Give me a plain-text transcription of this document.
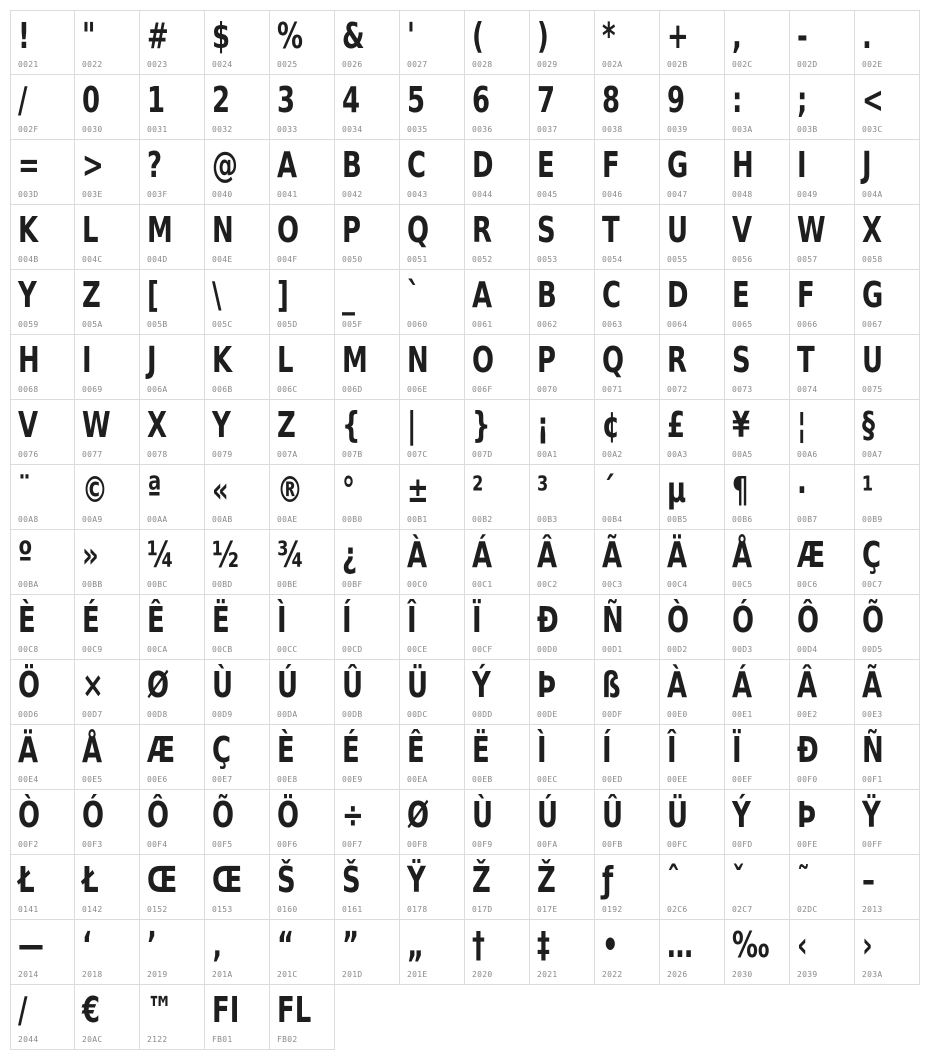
!
0021
"
0022
#
0023
$
0024
%
0025
&
0026
'
0027
(
0028
)
0029
*
002A
+
002B
,
002C
-
002D
.
002E
/
002F
0
0030
1
0031
2
0032
3
0033
4
0034
5
0035
6
0036
7
0037
8
0038
9
0039
:
003A
;
003B
<
003C
=
003D
>
003E
?
003F
@
0040
A
0041
B
0042
C
0043
D
0044
E
0045
F
0046
G
0047
H
0048
I
0049
J
004A
K
004B
L
004C
M
004D
N
004E
O
004F
P
0050
Q
0051
R
0052
S
0053
T
0054
U
0055
V
0056
W
0057
X
0058
Y
0059
Z
005A
[
005B
\
005C
]
005D
_
005F
`
0060
A
0061
B
0062
C
0063
D
0064
E
0065
F
0066
G
0067
H
0068
I
0069
J
006A
K
006B
L
006C
M
006D
N
006E
O
006F
P
0070
Q
0071
R
0072
S
0073
T
0074
U
0075
V
0076
W
0077
X
0078
Y
0079
Z
007A
{
007B
|
007C
}
007D
¡
00A1
¢
00A2
£
00A3
¥
00A5
¦
00A6
§
00A7
¨
00A8
©
00A9
ª
00AA
«
00AB
®
00AE
°
00B0
±
00B1
²
00B2
³
00B3
´
00B4
µ
00B5
¶
00B6
·
00B7
¹
00B9
º
00BA
»
00BB
¼
00BC
½
00BD
¾
00BE
¿
00BF
À
00C0
Á
00C1
Â
00C2
Ã
00C3
Ä
00C4
Å
00C5
Æ
00C6
Ç
00C7
È
00C8
É
00C9
Ê
00CA
Ë
00CB
Ì
00CC
Í
00CD
Î
00CE
Ï
00CF
Ð
00D0
Ñ
00D1
Ò
00D2
Ó
00D3
Ô
00D4
Õ
00D5
Ö
00D6
×
00D7
Ø
00D8
Ù
00D9
Ú
00DA
Û
00DB
Ü
00DC
Ý
00DD
Þ
00DE
ß
00DF
À
00E0
Á
00E1
Â
00E2
Ã
00E3
Ä
00E4
Å
00E5
Æ
00E6
Ç
00E7
È
00E8
É
00E9
Ê
00EA
Ë
00EB
Ì
00EC
Í
00ED
Î
00EE
Ï
00EF
Ð
00F0
Ñ
00F1
Ò
00F2
Ó
00F3
Ô
00F4
Õ
00F5
Ö
00F6
÷
00F7
Ø
00F8
Ù
00F9
Ú
00FA
Û
00FB
Ü
00FC
Ý
00FD
Þ
00FE
Ÿ
00FF
Ł
0141
Ł
0142
Œ
0152
Œ
0153
Š
0160
Š
0161
Ÿ
0178
Ž
017D
Ž
017E
ƒ
0192
ˆ
02C6
ˇ
02C7
˜
02DC
–
2013
—
2014
‘
2018
’
2019
‚
201A
“
201C
”
201D
„
201E
†
2020
‡
2021
•
2022
…
2026
‰
2030
‹
2039
›
203A
/
2044
€
20AC
™
2122
FI
FB01
FL
FB02
